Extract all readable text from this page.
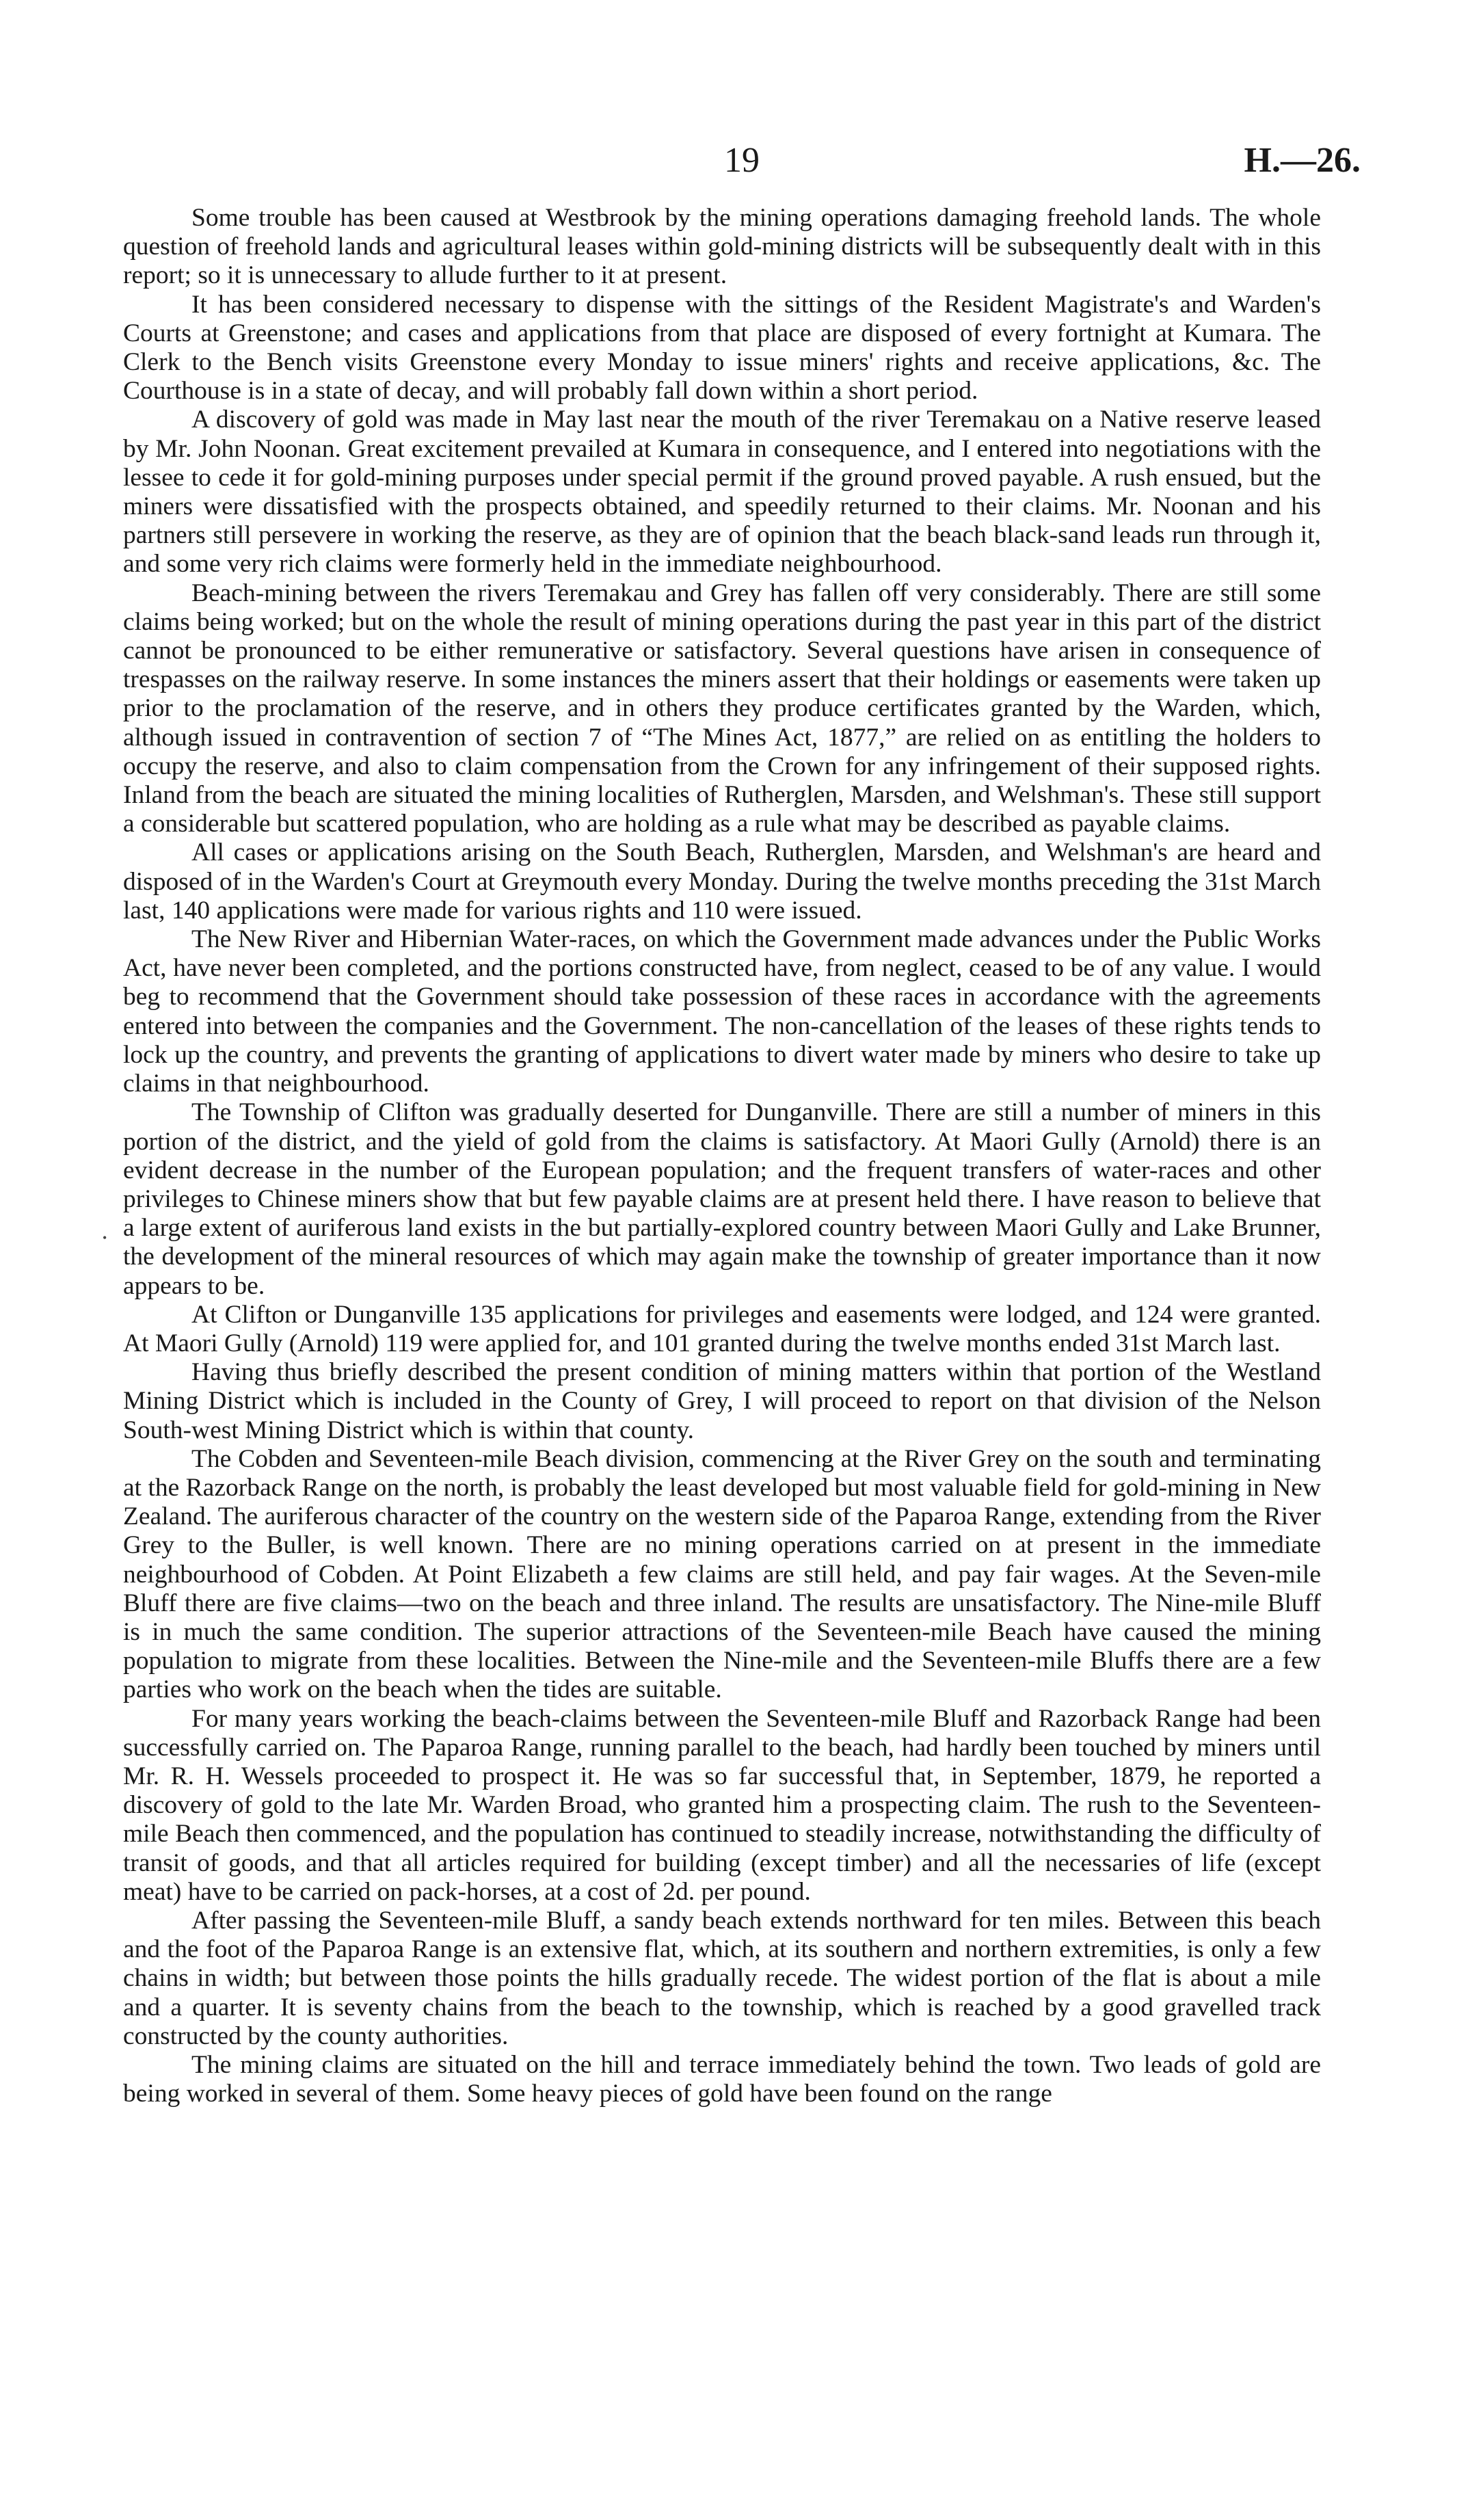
19	H.—26.

Some trouble has been caused at Westbrook by the mining operations damaging freehold lands. The whole question of freehold lands and agricultural leases within gold-mining districts will be subsequently dealt with in this report; so it is unnecessary to allude further to it at present.

It has been considered necessary to dispense with the sittings of the Resident Magistrate's and Warden's Courts at Greenstone; and cases and applications from that place are disposed of every fortnight at Kumara. The Clerk to the Bench visits Greenstone every Monday to issue miners' rights and receive applications, &c. The Courthouse is in a state of decay, and will probably fall down within a short period.

A discovery of gold was made in May last near the mouth of the river Teremakau on a Native reserve leased by Mr. John Noonan. Great excitement prevailed at Kumara in consequence, and I entered into negotiations with the lessee to cede it for gold-mining purposes under special permit if the ground proved payable. A rush ensued, but the miners were dissatisfied with the prospects obtained, and speedily returned to their claims. Mr. Noonan and his partners still persevere in working the reserve, as they are of opinion that the beach black-sand leads run through it, and some very rich claims were formerly held in the immediate neighbourhood.

Beach-mining between the rivers Teremakau and Grey has fallen off very considerably. There are still some claims being worked; but on the whole the result of mining operations during the past year in this part of the district cannot be pronounced to be either remunerative or satisfactory. Several questions have arisen in consequence of trespasses on the railway reserve. In some instances the miners assert that their holdings or easements were taken up prior to the proclamation of the reserve, and in others they produce certificates granted by the Warden, which, although issued in contravention of section 7 of “The Mines Act, 1877,” are relied on as entitling the holders to occupy the reserve, and also to claim compensation from the Crown for any infringement of their supposed rights. Inland from the beach are situated the mining localities of Rutherglen, Marsden, and Welshman's. These still support a considerable but scattered population, who are holding as a rule what may be described as payable claims.

All cases or applications arising on the South Beach, Rutherglen, Marsden, and Welshman's are heard and disposed of in the Warden's Court at Greymouth every Monday. During the twelve months preceding the 31st March last, 140 applications were made for various rights and 110 were issued.

The New River and Hibernian Water-races, on which the Government made advances under the Public Works Act, have never been completed, and the portions constructed have, from neglect, ceased to be of any value. I would beg to recommend that the Government should take possession of these races in accordance with the agreements entered into between the companies and the Government. The non-cancellation of the leases of these rights tends to lock up the country, and prevents the granting of applications to divert water made by miners who desire to take up claims in that neighbourhood.

The Township of Clifton was gradually deserted for Dunganville. There are still a number of miners in this portion of the district, and the yield of gold from the claims is satisfactory. At Maori Gully (Arnold) there is an evident decrease in the number of the European population; and the frequent transfers of water-races and other privileges to Chinese miners show that but few payable claims are at present held there. I have reason to believe that a large extent of auriferous land exists in the but partially-explored country between Maori Gully and Lake Brunner, the development of the mineral resources of which may again make the township of greater importance than it now appears to be.

At Clifton or Dunganville 135 applications for privileges and easements were lodged, and 124 were granted. At Maori Gully (Arnold) 119 were applied for, and 101 granted during the twelve months ended 31st March last.

Having thus briefly described the present condition of mining matters within that portion of the Westland Mining District which is included in the County of Grey, I will proceed to report on that division of the Nelson South-west Mining District which is within that county.

The Cobden and Seventeen-mile Beach division, commencing at the River Grey on the south and terminating at the Razorback Range on the north, is probably the least developed but most valuable field for gold-mining in New Zealand. The auriferous character of the country on the western side of the Paparoa Range, extending from the River Grey to the Buller, is well known. There are no mining operations carried on at present in the immediate neighbourhood of Cobden. At Point Elizabeth a few claims are still held, and pay fair wages. At the Seven-mile Bluff there are five claims—two on the beach and three inland. The results are unsatisfactory. The Nine-mile Bluff is in much the same condition. The superior attractions of the Seventeen-mile Beach have caused the mining population to migrate from these localities. Between the Nine-mile and the Seventeen-mile Bluffs there are a few parties who work on the beach when the tides are suitable.

For many years working the beach-claims between the Seventeen-mile Bluff and Razorback Range had been successfully carried on. The Paparoa Range, running parallel to the beach, had hardly been touched by miners until Mr. R. H. Wessels proceeded to prospect it. He was so far successful that, in September, 1879, he reported a discovery of gold to the late Mr. Warden Broad, who granted him a prospecting claim. The rush to the Seventeen-mile Beach then commenced, and the population has continued to steadily increase, notwithstanding the difficulty of transit of goods, and that all articles required for building (except timber) and all the necessaries of life (except meat) have to be carried on pack-horses, at a cost of 2d. per pound.

After passing the Seventeen-mile Bluff, a sandy beach extends northward for ten miles. Between this beach and the foot of the Paparoa Range is an extensive flat, which, at its southern and northern extremities, is only a few chains in width; but between those points the hills gradually recede. The widest portion of the flat is about a mile and a quarter. It is seventy chains from the beach to the township, which is reached by a good gravelled track constructed by the county authorities.

The mining claims are situated on the hill and terrace immediately behind the town. Two leads of gold are being worked in several of them. Some heavy pieces of gold have been found on the range

•
